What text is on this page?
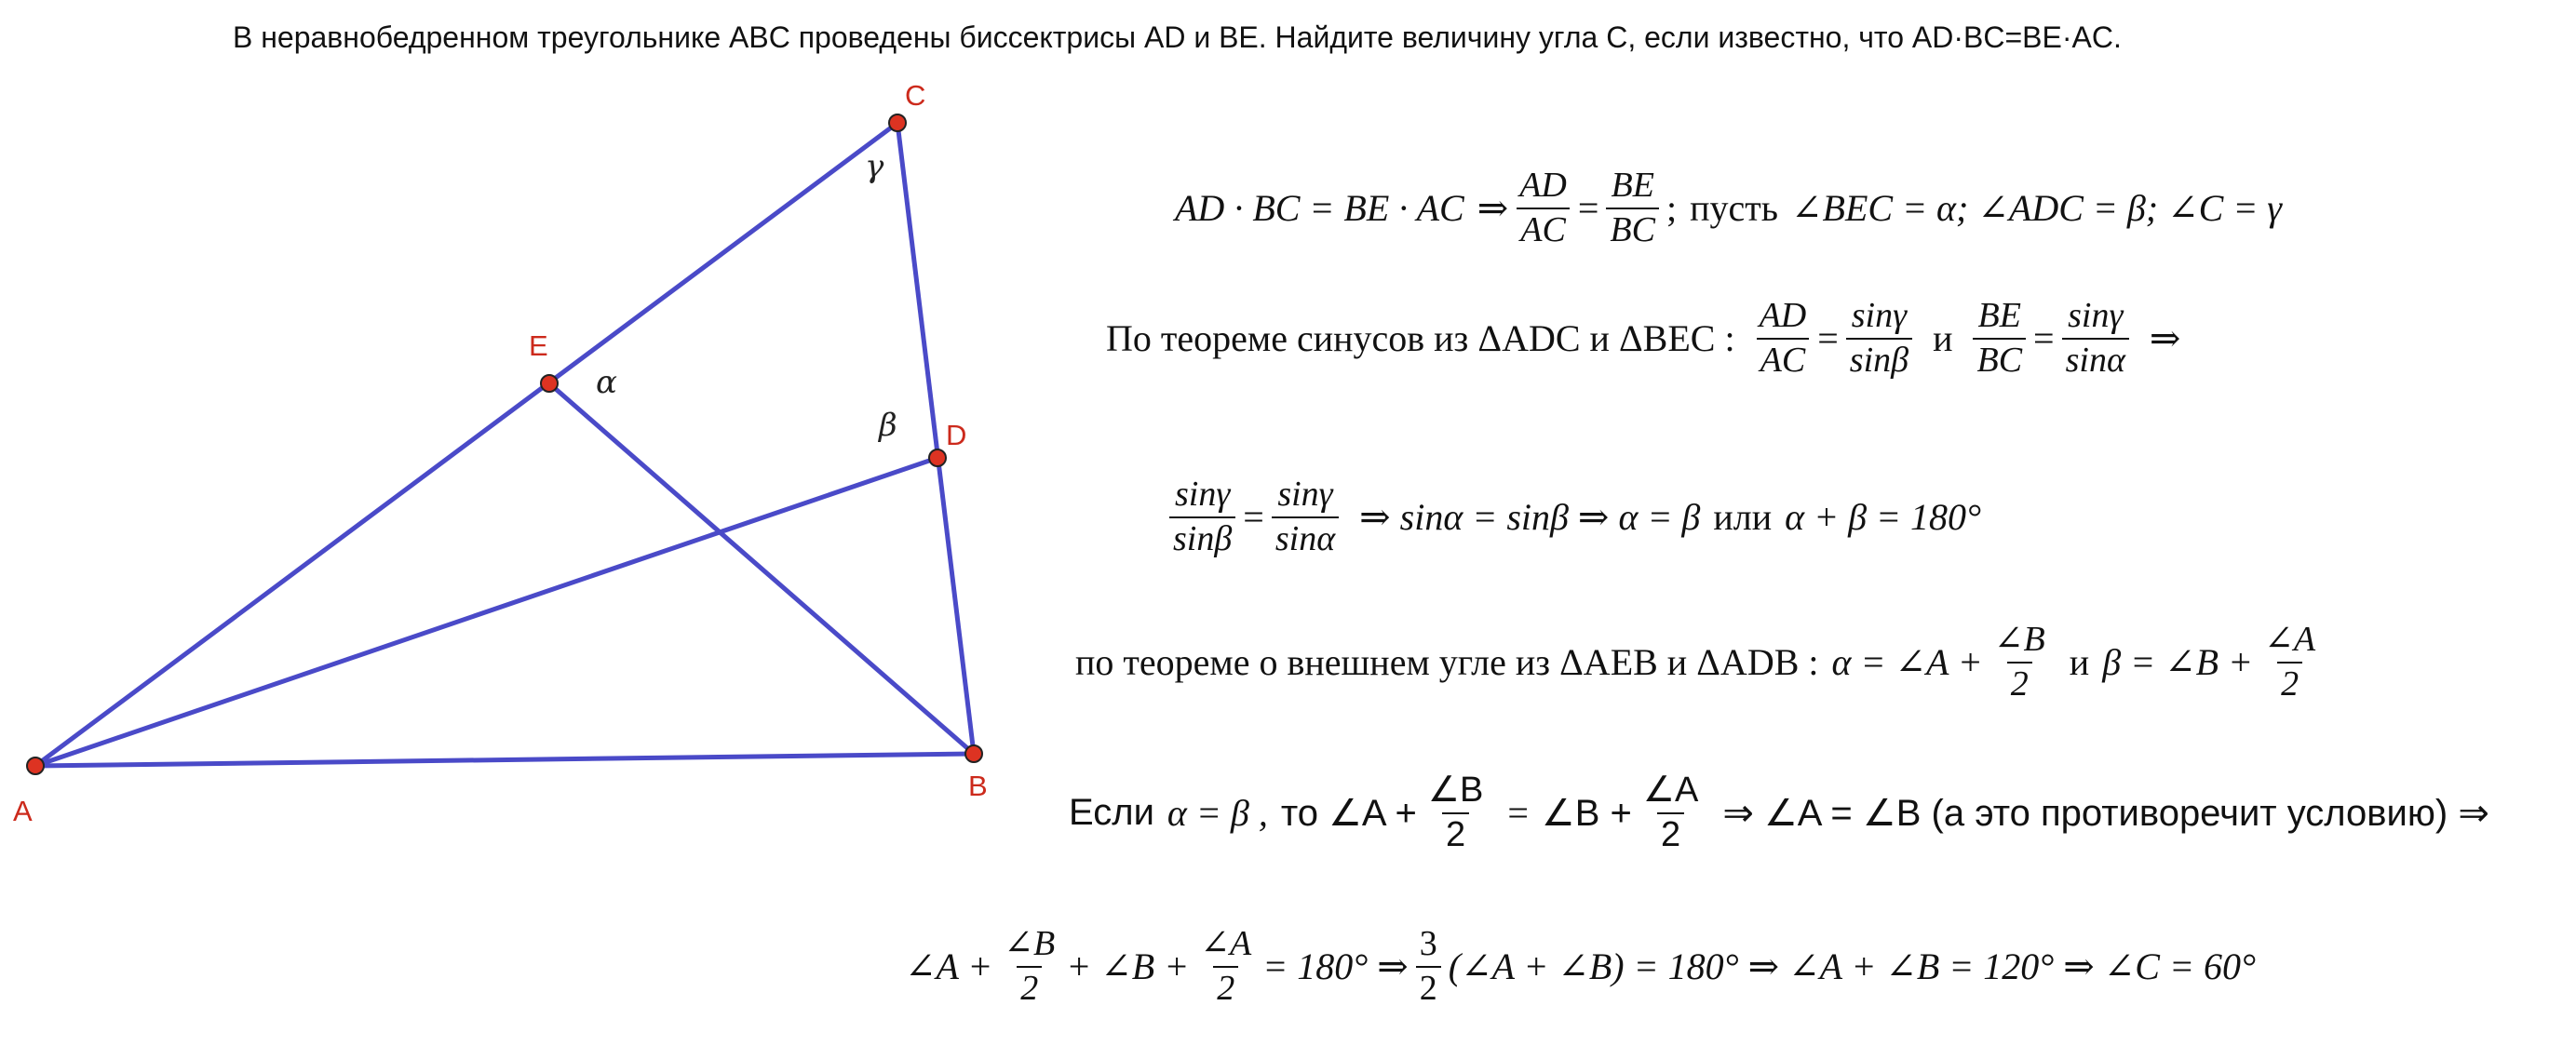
В неравнобедренном треугольнике ABC проведены биссектрисы AD и BE. Найдите величину угла C, если известно, что AD·BC=BE·AC.
A
B
C
D
E
γ
α
β
AD · BC = BE · AC ⇒ $\frac{AD}{AC} = \frac{BE}{BC}$ ; пусть ∠BEC = α; ∠ADC = β; ∠C = γ
По теореме синусов из ΔADC и ΔBEC : $\frac{AD}{AC} = \frac{\sin\gamma}{\sin\beta}$ и $\frac{BE}{BC} = \frac{\sin\gamma}{\sin\alpha}$ ⇒
$\frac{\sin\gamma}{\sin\beta} = \frac{\sin\gamma}{\sin\alpha}$ ⇒ sinα = sinβ ⇒ α = β или α + β = 180°
по теореме о внешнем угле из ΔAEB и ΔADB : α = ∠A + $\frac{\angle B}{2}$ и β = ∠B + $\frac{\angle A}{2}$
Если α = β , то ∠A + $\frac{\angle B}{2}$ = ∠B + $\frac{\angle A}{2}$ ⇒ ∠A = ∠B (а это противоречит условию) ⇒
∠A + $\frac{\angle B}{2}$ + ∠B + $\frac{\angle A}{2} = 180^\circ$ ⇒ $\frac{3}{2}$ (∠A + ∠B) = 180° ⇒ ∠A + ∠B = 120° ⇒ ∠C = 60°
